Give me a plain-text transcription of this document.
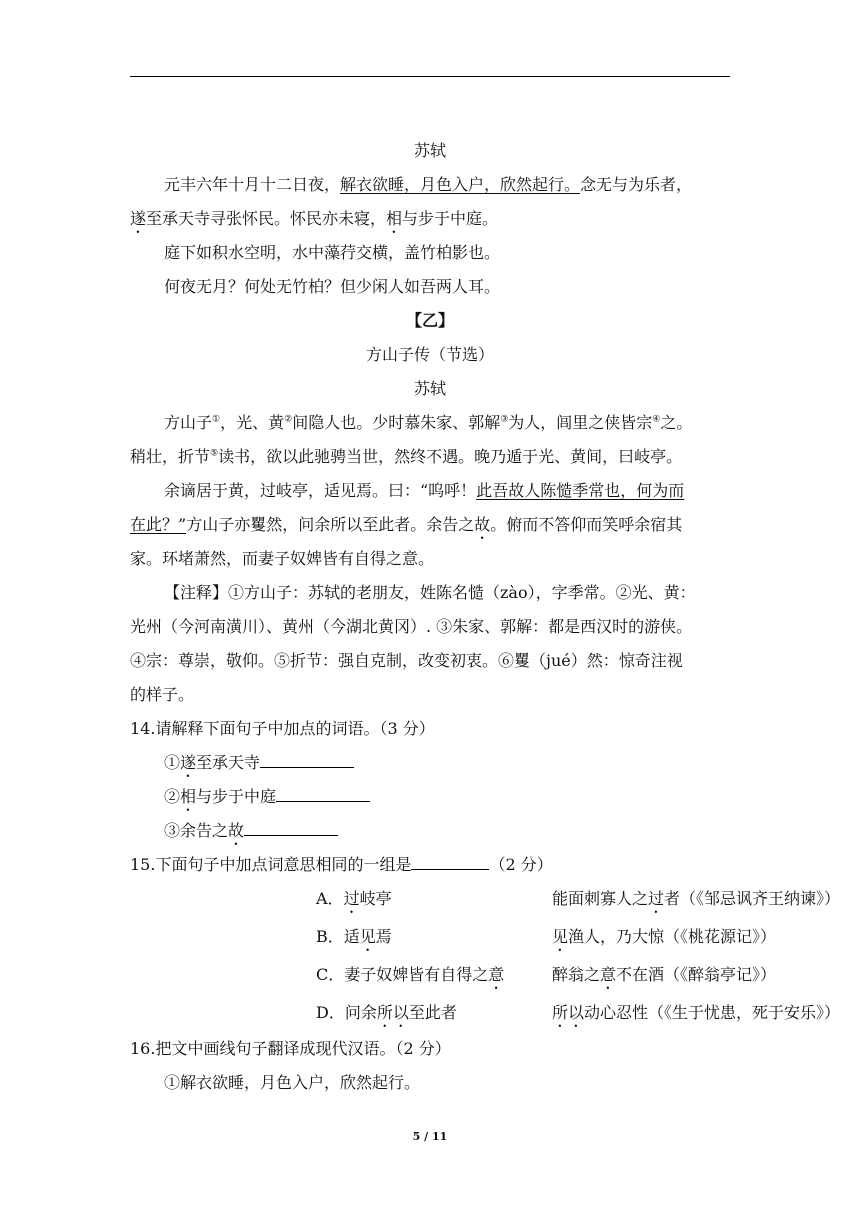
苏轼
元丰六年十月十二日夜，解衣欲睡，月色入户，欣然起行。念无与为乐者，
遂至承天寺寻张怀民。怀民亦未寝，相与步于中庭。
庭下如积水空明，水中藻荇交横，盖竹柏影也。
何夜无月？何处无竹柏？但少闲人如吾两人耳。
【乙】
方山子传（节选）
苏轼
方山子①，光、黄②间隐人也。少时慕朱家、郭解③为人，闾里之侠皆宗④之。
稍壮，折节⑤读书，欲以此驰骋当世，然终不遇。晚乃遁于光、黄间，曰岐亭。
余谪居于黄，过岐亭，适见焉。曰：“呜呼！此吾故人陈慥季常也，何为而
在此？”方山子亦矍然，问余所以至此者。余告之故。俯而不答仰而笑呼余宿其
家。环堵萧然，而妻子奴婢皆有自得之意。
【注释】①方山子：苏轼的老朋友，姓陈名慥（zào），字季常。②光、黄：
光州（今河南潢川）、黄州（今湖北黄冈）. ③朱家、郭解：都是西汉时的游侠。
④宗：尊崇，敬仰。⑤折节：强自克制，改变初衷。⑥矍（jué）然：惊奇注视
的样子。
14.请解释下面句子中加点的词语。（3 分）
①遂至承天寺
②相与步于中庭
③余告之故
15.下面句子中加点词意思相同的一组是	（2 分）
A．过岐亭	能面刺寡人之过者（《邹忌讽齐王纳谏》）
B．适见焉	见渔人，乃大惊（《桃花源记》）
C．妻子奴婢皆有自得之意	醉翁之意不在酒（《醉翁亭记》）
D．问余所以至此者	所以动心忍性（《生于忧患，死于安乐》）
16.把文中画线句子翻译成现代汉语。（2 分）
①解衣欲睡，月色入户，欣然起行。
5 / 11
